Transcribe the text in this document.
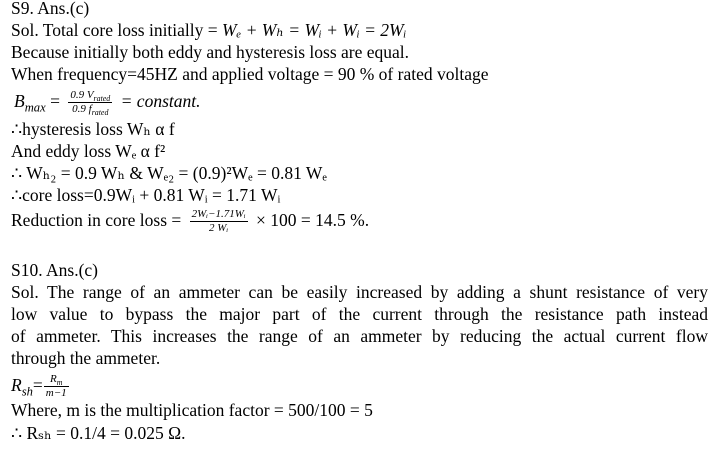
S9. Ans.(c)
Sol. Total core loss initially = Wₑ + Wₕ = Wᵢ + Wᵢ = 2Wᵢ
Because initially both eddy and hysteresis loss are equal.
When frequency=45HZ and applied voltage = 90 % of rated voltage
$B_{max} = \frac{0.9 V_{rated}}{0.9 f_{rated}}$ = constant.
∴hysteresis loss Wₕ α f
And eddy loss Wₑ α f²
∴ Wₕ₂ = 0.9 Wₕ & Wₑ₂ = (0.9)²Wₑ = 0.81 Wₑ
∴core loss=0.9Wᵢ + 0.81 Wᵢ = 1.71 Wᵢ
Reduction in core loss = $\frac{\text{2Wᵢ−1.71Wᵢ}}{\text{2 Wᵢ}} \times 100 = 14.5$ %.
S10. Ans.(c)
Sol. The range of an ammeter can be easily increased by adding a shunt resistance of very
low value to bypass the major part of the current through the resistance path instead
of ammeter. This increases the range of an ammeter by reducing the actual current flow
through the ammeter.
$R_{sh}= \frac{R_m}{m-1}$
Where, m is the multiplication factor = 500/100 = 5
∴ Rₛₕ = 0.1/4 = 0.025 Ω.
